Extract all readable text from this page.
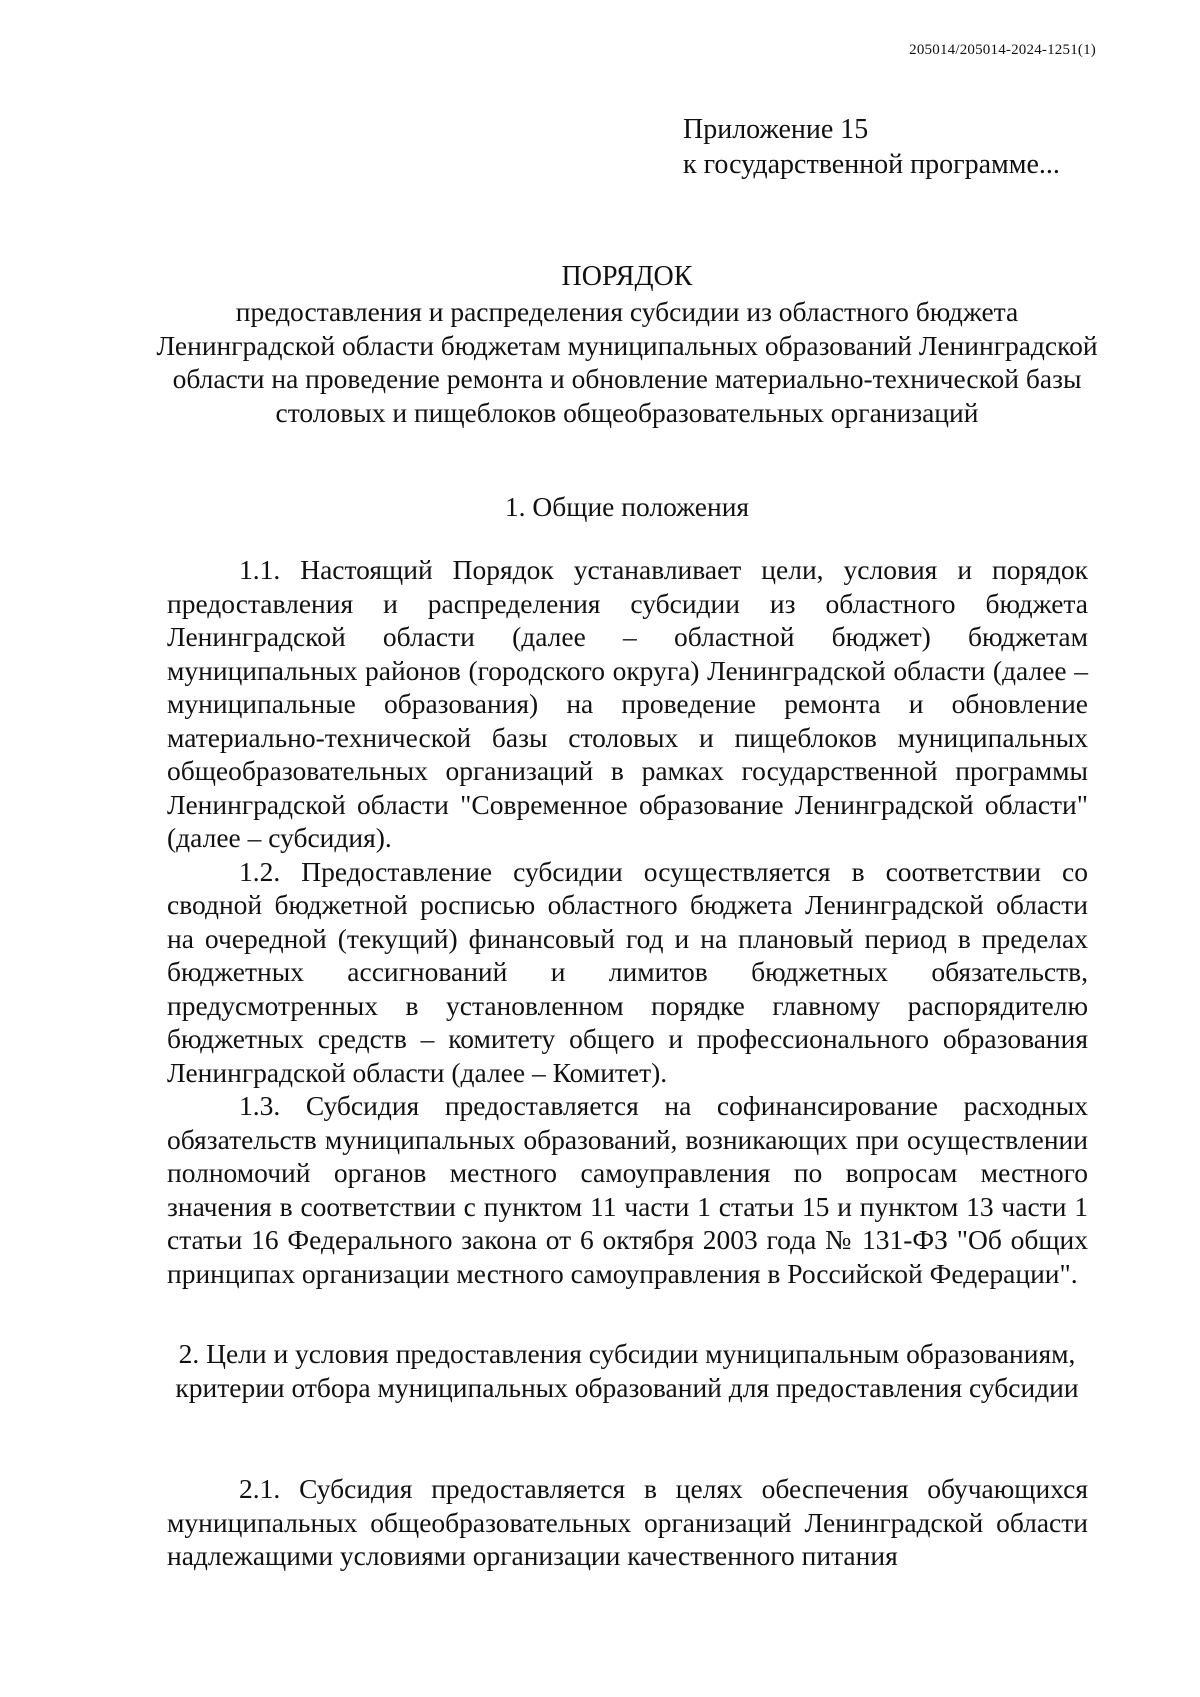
205014/205014-2024-1251(1)
Приложение 15
к государственной программе...
ПОРЯДОК
предоставления и распределения субсидии из областного бюджета Ленинградской области бюджетам муниципальных образований Ленинградской области на проведение ремонта и обновление материально-технической базы столовых и пищеблоков общеобразовательных организаций
1. Общие положения

1.1. Настоящий Порядок устанавливает цели, условия и порядок предоставления и распределения субсидии из областного бюджета Ленинградской области (далее – областной бюджет) бюджетам муниципальных районов (городского округа) Ленинградской области (далее – муниципальные образования) на проведение ремонта и обновление материально-технической базы столовых и пищеблоков муниципальных общеобразовательных организаций в рамках государственной программы Ленинградской области "Современное образование Ленинградской области" (далее – субсидия).

1.2. Предоставление субсидии осуществляется в соответствии со сводной бюджетной росписью областного бюджета Ленинградской области на очередной (текущий) финансовый год и на плановый период в пределах бюджетных ассигнований и лимитов бюджетных обязательств, предусмотренных в установленном порядке главному распорядителю бюджетных средств – комитету общего и профессионального образования Ленинградской области (далее – Комитет).

1.3. Субсидия предоставляется на софинансирование расходных обязательств муниципальных образований, возникающих при осуществлении полномочий органов местного самоуправления по вопросам местного значения в соответствии с пунктом 11 части 1 статьи 15 и пунктом 13 части 1 статьи 16 Федерального закона от 6 октября 2003 года № 131-ФЗ "Об общих принципах организации местного самоуправления в Российской Федерации".

2. Цели и условия предоставления субсидии муниципальным образованиям, критерии отбора муниципальных образований для предоставления субсидии

2.1. Субсидия предоставляется в целях обеспечения обучающихся муниципальных общеобразовательных организаций Ленинградской области надлежащими условиями организации качественного питания
